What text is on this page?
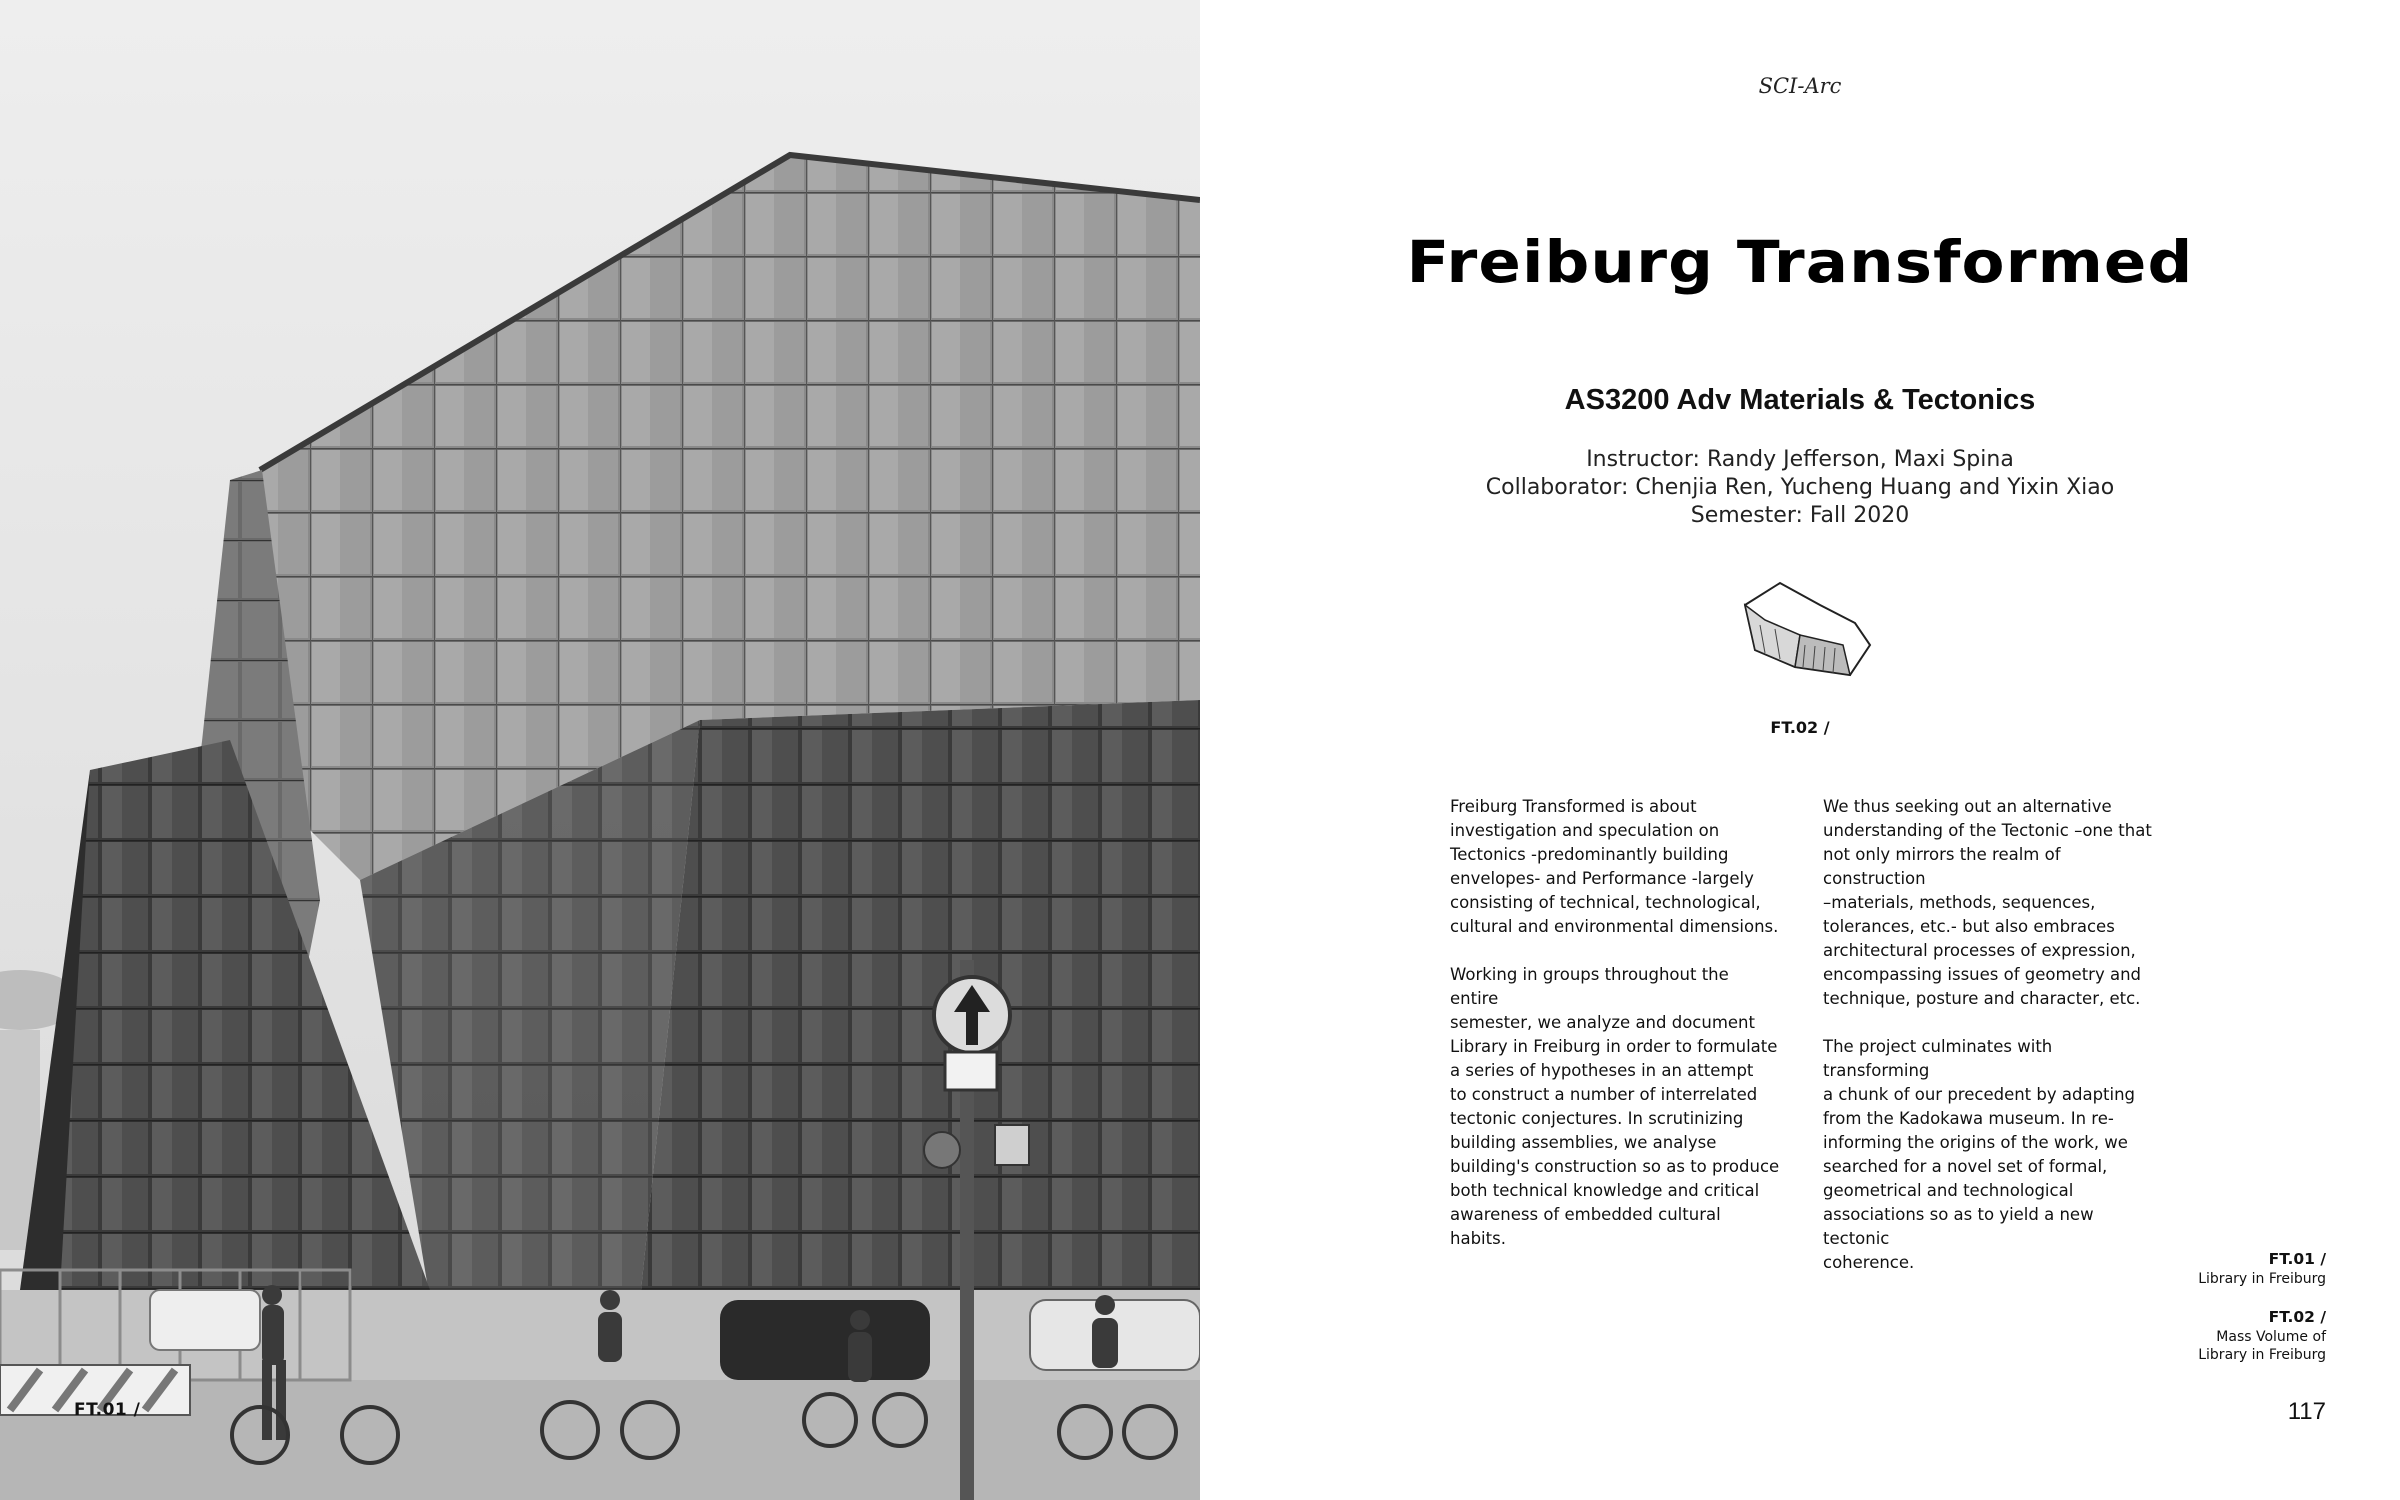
FT.01 /
SCI-Arc
Freiburg Transformed
AS3200 Adv Materials & Tectonics
Instructor: Randy Jefferson, Maxi Spina
Collaborator: Chenjia Ren, Yucheng Huang and Yixin Xiao
Semester: Fall 2020
FT.02 /

Freiburg Transformed is about
investigation and speculation on
Tectonics -predominantly building
envelopes- and Performance -largely
consisting of technical, technological,
cultural and environmental dimensions.

Working in groups throughout the entire
semester, we analyze and document
Library in Freiburg in order to formulate
a series of hypotheses in an attempt
to construct a number of interrelated
tectonic conjectures. In scrutinizing
building assemblies, we analyse
building's construction so as to produce
both technical knowledge and critical
awareness of embedded cultural habits.

We thus seeking out an alternative
understanding of the Tectonic –one that
not only mirrors the realm of construction
–materials, methods, sequences,
tolerances, etc.- but also embraces
architectural processes of expression,
encompassing issues of geometry and
technique, posture and character, etc.

The project culminates with transforming
a chunk of our precedent by adapting
from the Kadokawa museum. In re-
informing the origins of the work, we
searched for a novel set of formal,
geometrical and technological
associations so as to yield a new tectonic
coherence.	FT.01 /
Library in Freiburg
FT.02 /
Mass Volume of
Library in Freiburg
117
